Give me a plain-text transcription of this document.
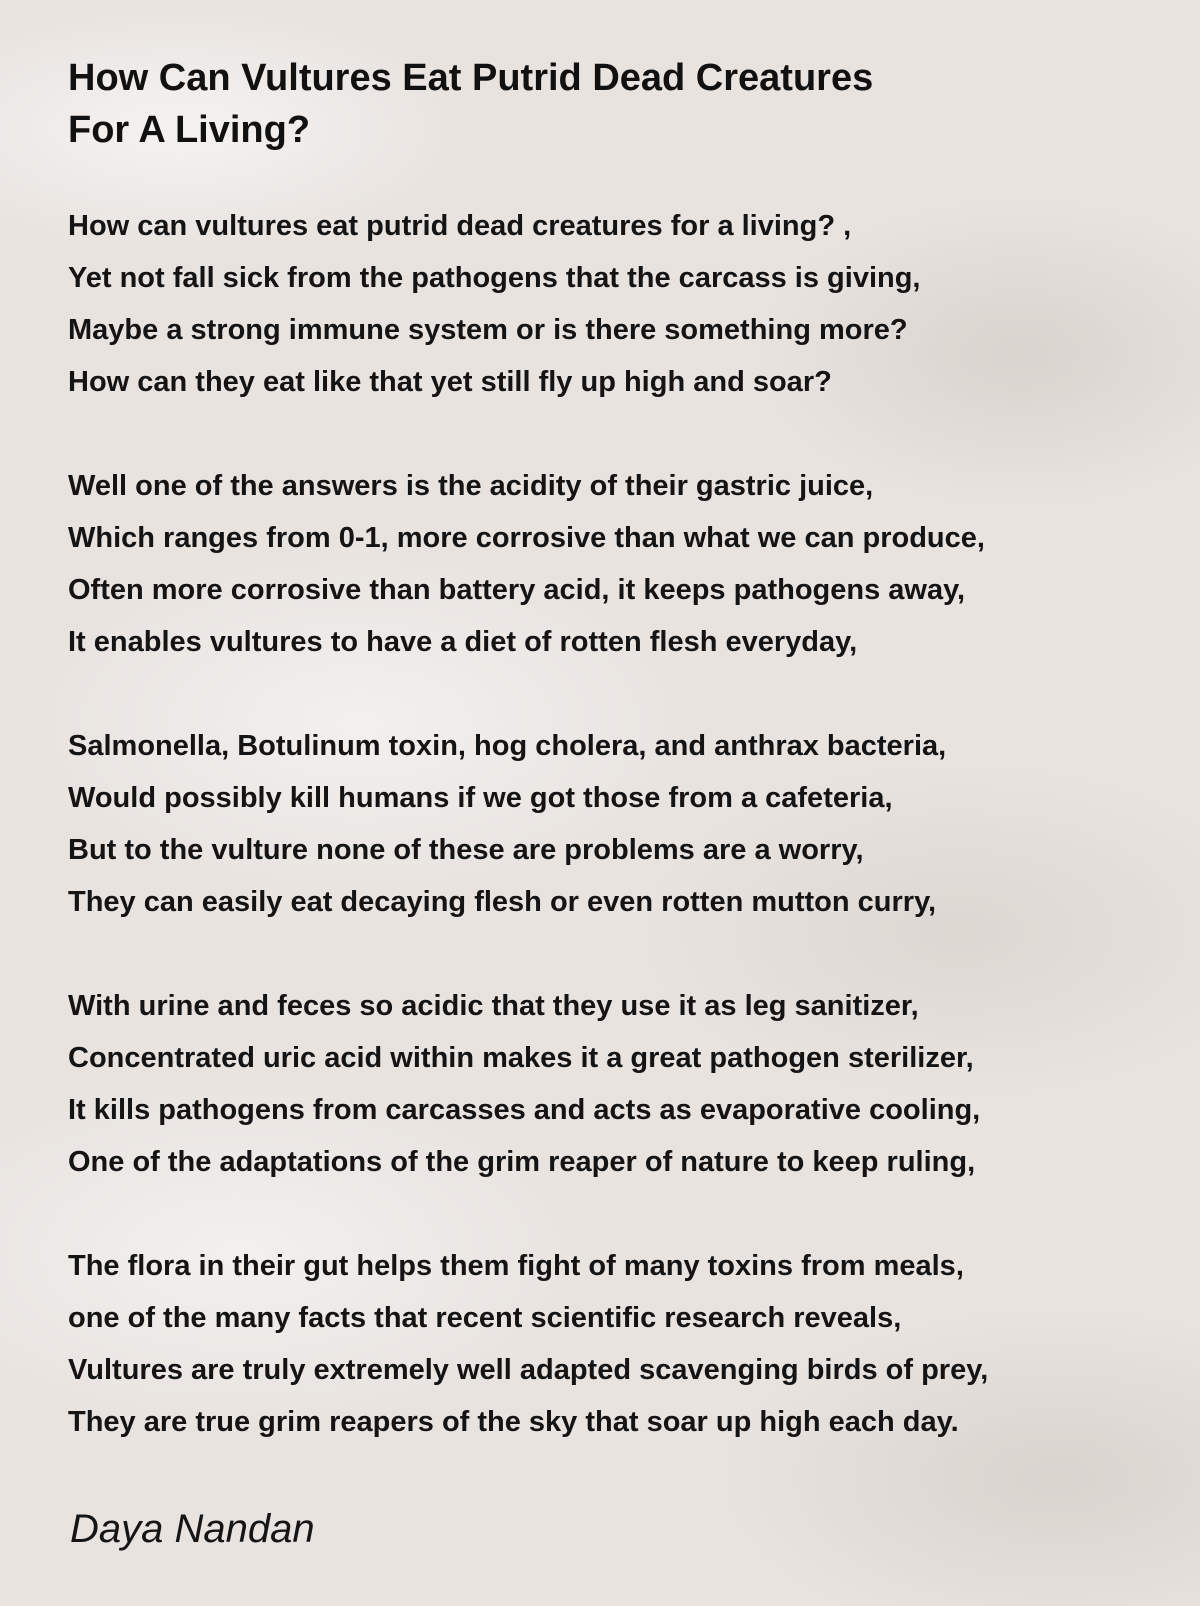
How Can Vultures Eat Putrid Dead Creatures
For A Living?
How can vultures eat putrid dead creatures for a living? ,
Yet not fall sick from the pathogens that the carcass is giving,
Maybe a strong immune system or is there something more?
How can they eat like that yet still fly up high and soar?
Well one of the answers is the acidity of their gastric juice,
Which ranges from 0-1, more corrosive than what we can produce,
Often more corrosive than battery acid, it keeps pathogens away,
It enables vultures to have a diet of rotten flesh everyday,
Salmonella, Botulinum toxin, hog cholera, and anthrax bacteria,
Would possibly kill humans if we got those from a cafeteria,
But to the vulture none of these are problems are a worry,
They can easily eat decaying flesh or even rotten mutton curry,
With urine and feces so acidic that they use it as leg sanitizer,
Concentrated uric acid within makes it a great pathogen sterilizer,
It kills pathogens from carcasses and acts as evaporative cooling,
One of the adaptations of the grim reaper of nature to keep ruling,
The flora in their gut helps them fight of many toxins from meals,
one of the many facts that recent scientific research reveals,
Vultures are truly extremely well adapted scavenging birds of prey,
They are true grim reapers of the sky that soar up high each day.
Daya Nandan
